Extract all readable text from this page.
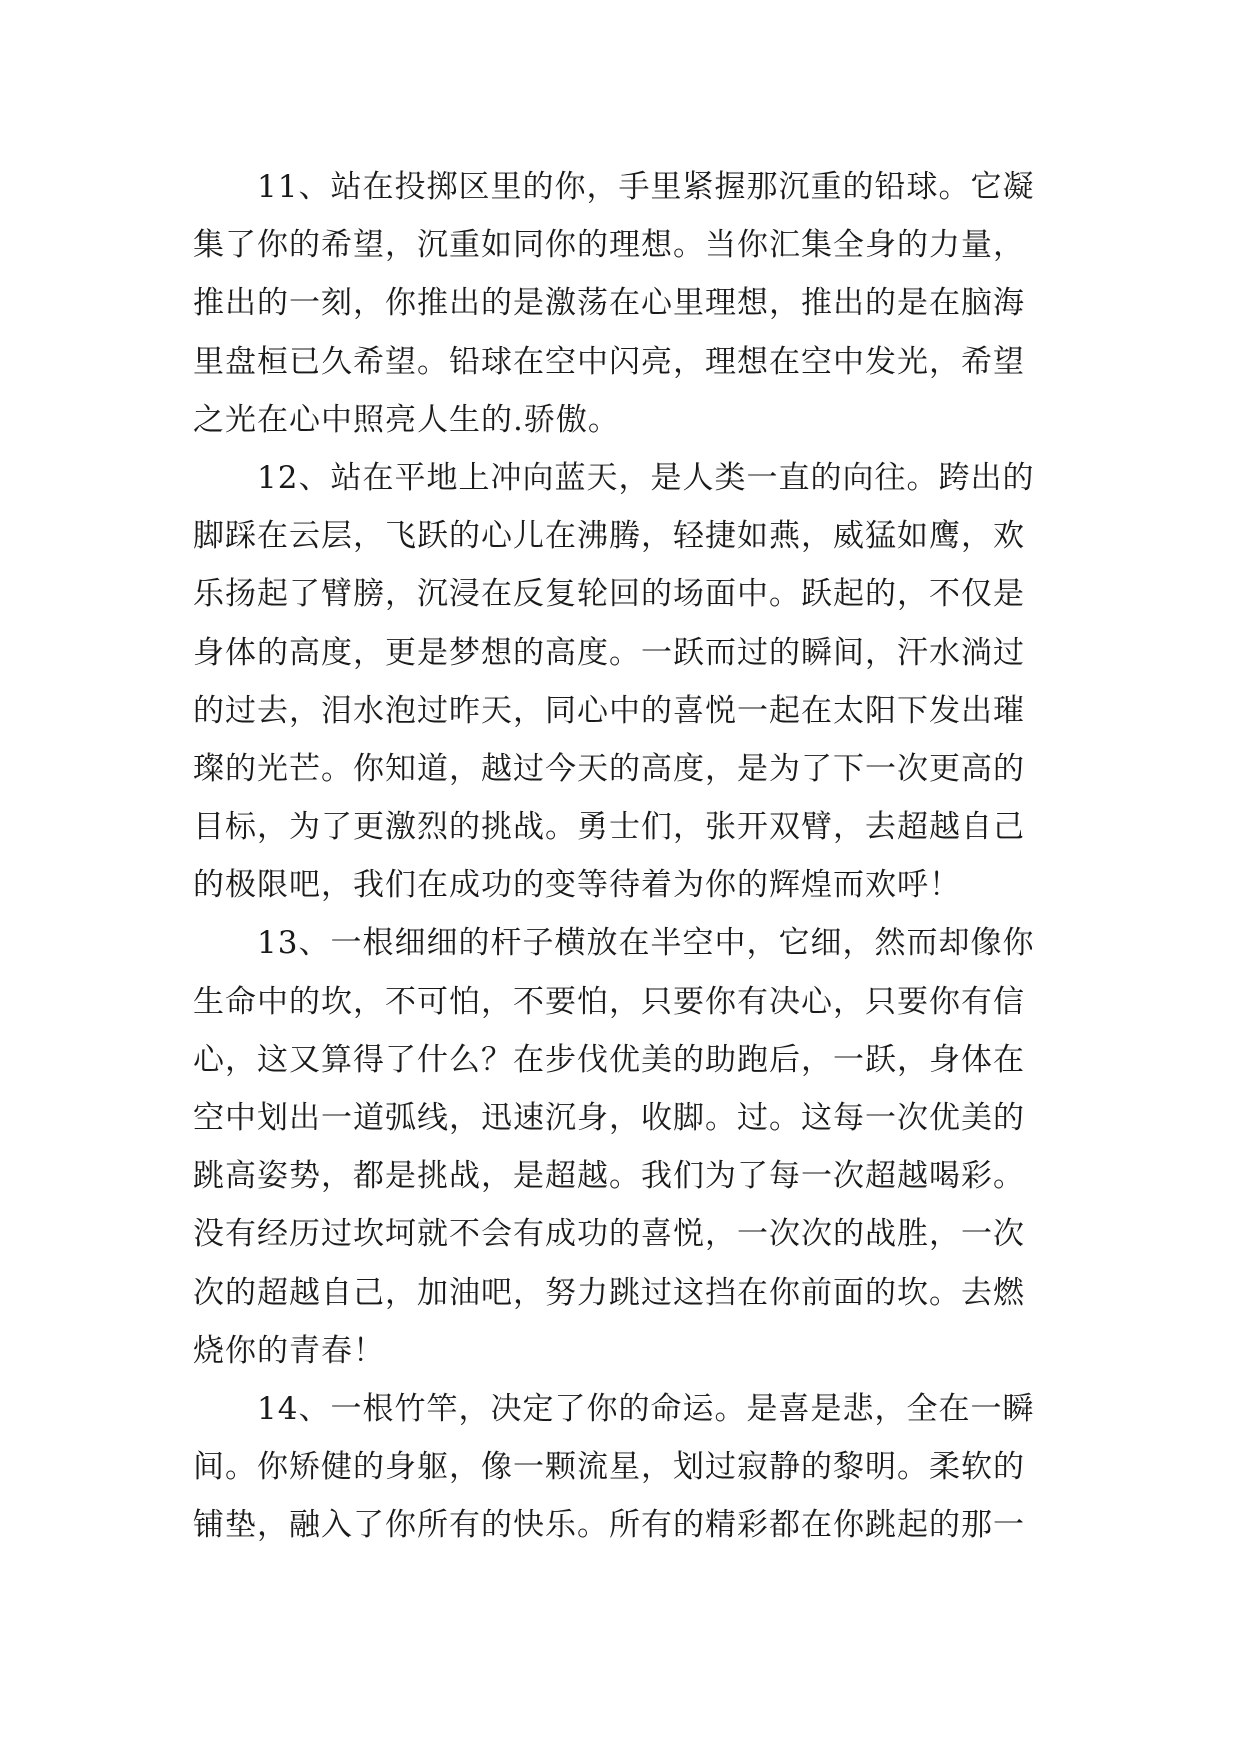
11、站在投掷区里的你，手里紧握那沉重的铅球。它凝
集了你的希望，沉重如同你的理想。当你汇集全身的力量，
推出的一刻，你推出的是激荡在心里理想，推出的是在脑海
里盘桓已久希望。铅球在空中闪亮，理想在空中发光，希望
之光在心中照亮人生的.骄傲。
12、站在平地上冲向蓝天，是人类一直的向往。跨出的
脚踩在云层，飞跃的心儿在沸腾，轻捷如燕，威猛如鹰，欢
乐扬起了臂膀，沉浸在反复轮回的场面中。跃起的，不仅是
身体的高度，更是梦想的高度。一跃而过的瞬间，汗水淌过
的过去，泪水泡过昨天，同心中的喜悦一起在太阳下发出璀
璨的光芒。你知道，越过今天的高度，是为了下一次更高的
目标，为了更激烈的挑战。勇士们，张开双臂，去超越自己
的极限吧，我们在成功的变等待着为你的辉煌而欢呼！
13、一根细细的杆子横放在半空中，它细，然而却像你
生命中的坎，不可怕，不要怕，只要你有决心，只要你有信
心，这又算得了什么？在步伐优美的助跑后，一跃，身体在
空中划出一道弧线，迅速沉身，收脚。过。这每一次优美的
跳高姿势，都是挑战，是超越。我们为了每一次超越喝彩。
没有经历过坎坷就不会有成功的喜悦，一次次的战胜，一次
次的超越自己，加油吧，努力跳过这挡在你前面的坎。去燃
烧你的青春！
14、一根竹竿，决定了你的命运。是喜是悲，全在一瞬
间。你矫健的身躯，像一颗流星，划过寂静的黎明。柔软的
铺垫，融入了你所有的快乐。所有的精彩都在你跳起的那一
